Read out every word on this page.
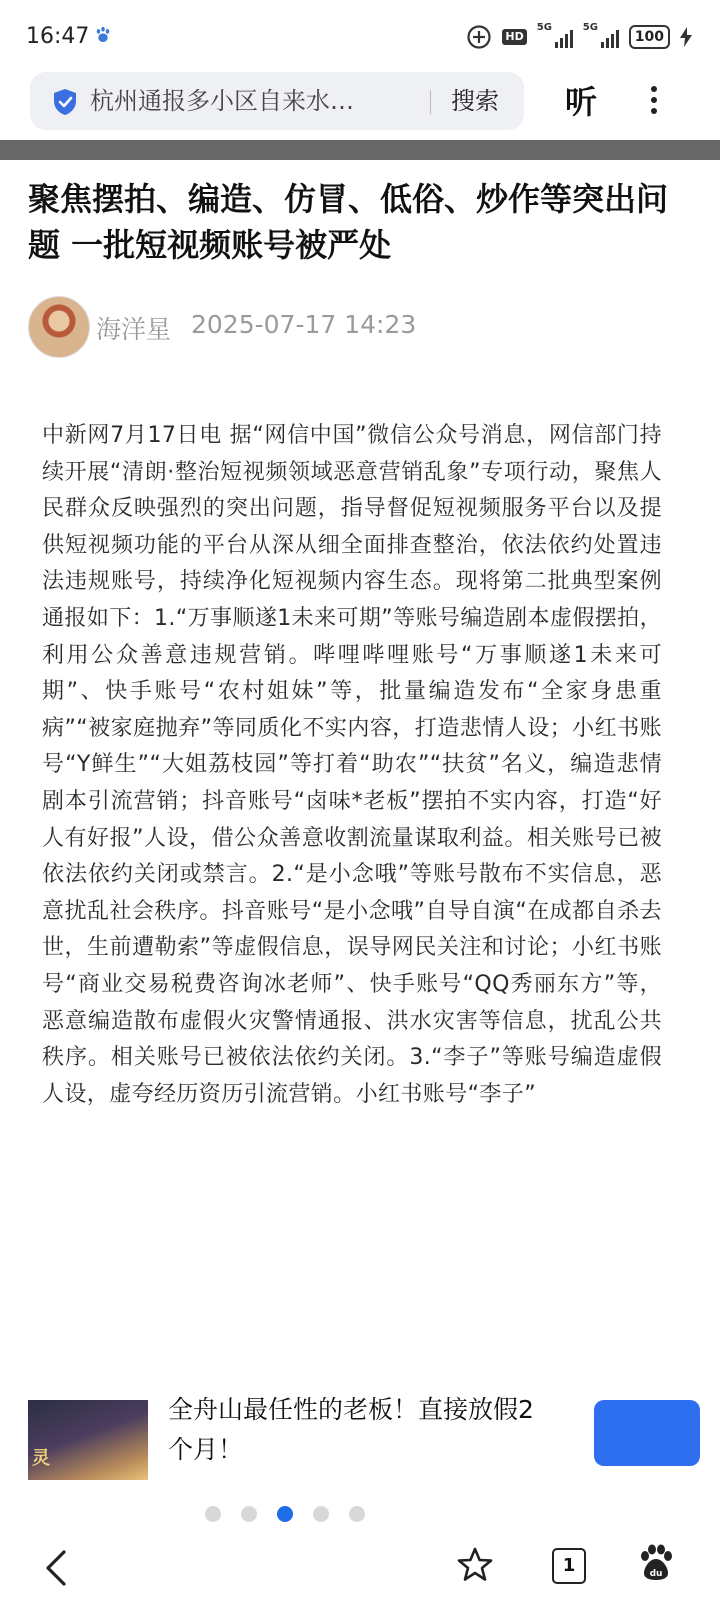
16:47	HD
5G	5G
100
杭州通报多小区自来水…	搜索 听
聚焦摆拍、编造、仿冒、低俗、炒作等突出问题 一批短视频账号被严处
海洋星 2025-07-17 14:23

中新网7月17日电 据“网信中国”微信公众号消息，网信部门持续开展“清朗·整治短视频领域恶意营销乱象”专项行动，聚焦人民群众反映强烈的突出问题，指导督促短视频服务平台以及提供短视频功能的平台从深从细全面排查整治，依法依约处置违法违规账号，持续净化短视频内容生态。现将第二批典型案例通报如下：1.“万事顺遂1未来可期”等账号编造剧本虚假摆拍，利用公众善意违规营销。哔哩哔哩账号“万事顺遂1未来可期”、快手账号“农村姐妹”等，批量编造发布“全家身患重病”“被家庭抛弃”等同质化不实内容，打造悲情人设；小红书账号“Y鲜生”“大姐荔枝园”等打着“助农”“扶贫”名义，编造悲情剧本引流营销；抖音账号“卤味*老板”摆拍不实内容，打造“好人有好报”人设，借公众善意收割流量谋取利益。相关账号已被依法依约关闭或禁言。2.“是小念哦”等账号散布不实信息，恶意扰乱社会秩序。抖音账号“是小念哦”自导自演“在成都自杀去世，生前遭勒索”等虚假信息，误导网民关注和讨论；小红书账号“商业交易税费咨询冰老师”、快手账号“QQ秀丽东方”等，恶意编造散布虚假火灾警情通报、洪水灾害等信息，扰乱公共秩序。相关账号已被依法依约关闭。3.“李子”等账号编造虚假人设，虚夸经历资历引流营销。小红书账号“李子”

灵

全舟山最任性的老板！直接放假2个月！

1	du
